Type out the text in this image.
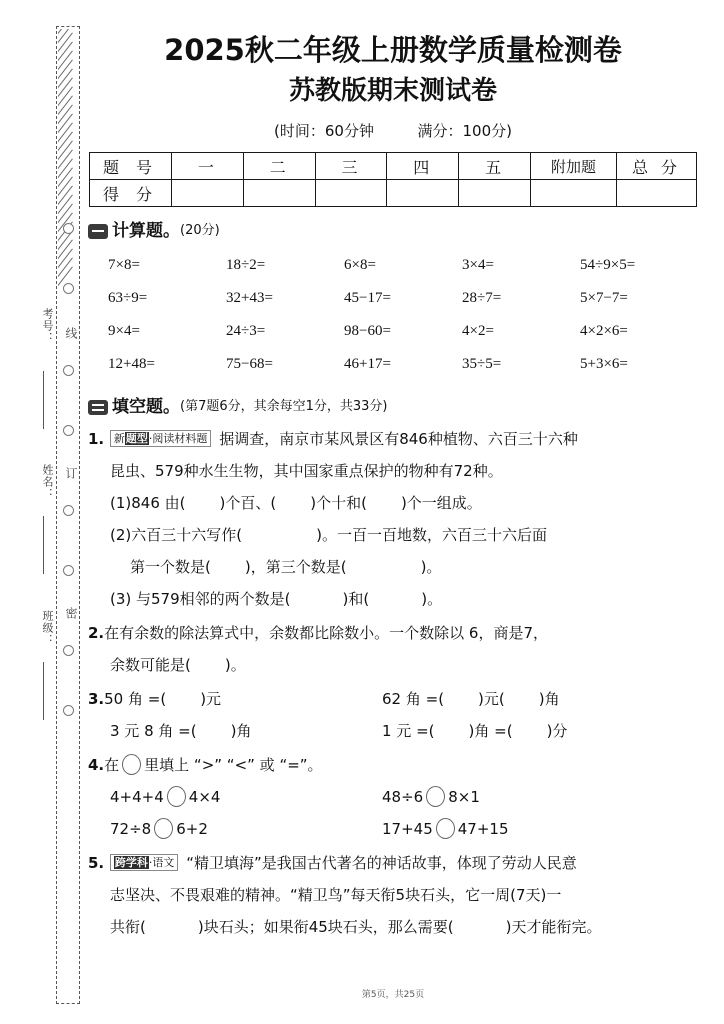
线
订
密
考号：
姓名：
班级：
2025秋二年级上册数学质量检测卷
苏教版期末测试卷
(时间：60分钟	满分：100分)
题 号	一	二	三	四	五	附加题	总 分
得 分							
计算题。 (20分)
7×8=	18÷2=	6×8=	3×4=	54÷9×5=
63÷9=	32+43=	45−17=	28÷7=	5×7−7=
9×4=	24÷3=	98−60=	4×2=	4×2×6=
12+48=	75−68=	46+17=	35÷5=	5+3×6=
填空题。 (第7题6分，其余每空1分，共33分)
1. 新题型·阅读材料题 据调查，南京市某风景区有846种植物、六百三十六种
昆虫、579种水生生物，其中国家重点保护的物种有72种。
(1)846 由( )个百、( )个十和( )个一组成。
(2)六百三十六写作(	)。一百一百地数，六百三十六后面
第一个数是( )，第三个数是(	)。
(3) 与579相邻的两个数是(	)和(	)。
2.在有余数的除法算式中，余数都比除数小。一个数除以 6，商是7，
余数可能是( )。
3.50 角 =( )元	62 角 =( )元( )角
3 元 8 角 =( )角	1 元 =( )角 =( )分
4.在 里填上 “>” “<” 或 “=”。
4+4+4 4×4	48÷6 8×1
72÷8 6+2	17+45 47+15
5. 跨学科·语文 “精卫填海”是我国古代著名的神话故事，体现了劳动人民意
志坚决、不畏艰难的精神。“精卫鸟”每天衔5块石头，它一周(7天)一
共衔(	)块石头；如果衔45块石头，那么需要(	)天才能衔完。
第5页，共25页
